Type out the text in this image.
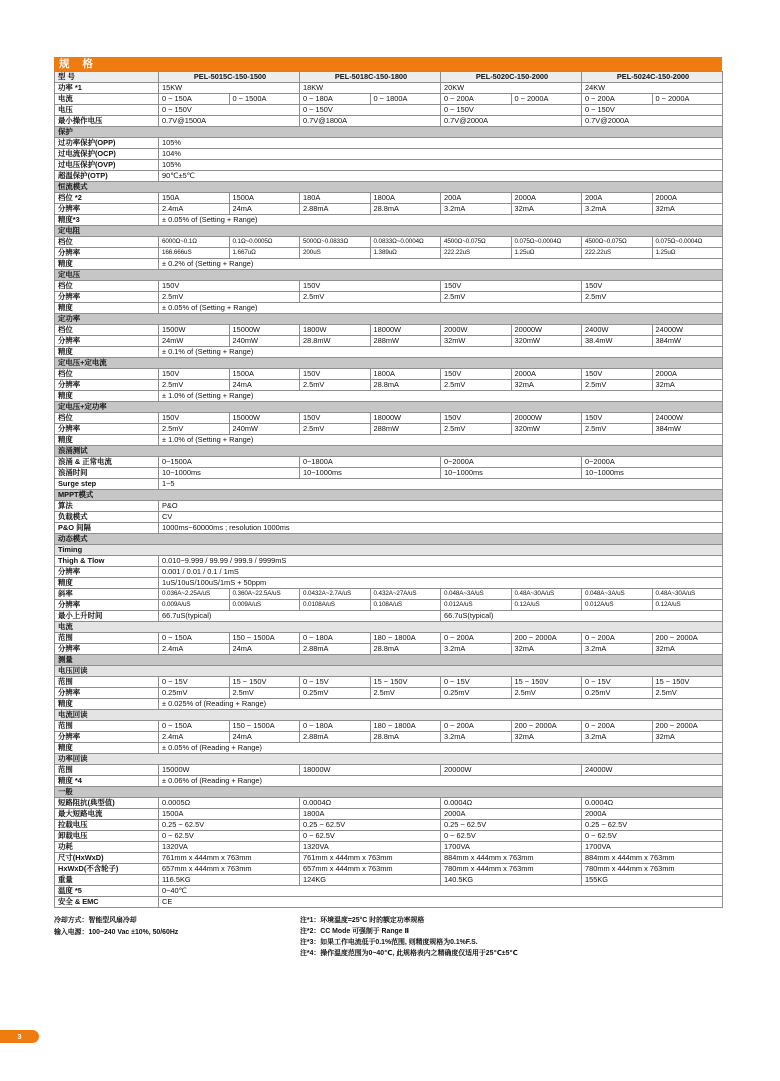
规 格
型 号	PEL-5015C-150-1500		PEL-5018C-150-1800		PEL-5020C-150-2000		PEL-5024C-150-2000	
功率 *1	15KW		18KW		20KW		24KW	
电流	0 ~ 150A	0 ~ 1500A	0 ~ 180A	0 ~ 1800A	0 ~ 200A	0 ~ 2000A	0 ~ 200A	0 ~ 2000A
电压	0 ~ 150V		0 ~ 150V		0 ~ 150V		0 ~ 150V	
最小操作电压	0.7V@1500A		0.7V@1800A		0.7V@2000A		0.7V@2000A	
保护								
过功率保护(OPP)	105%							
过电流保护(OCP)	104%							
过电压保护(OVP)	105%							
超温保护(OTP)	90℃±5℃							
恒流模式								
档位 *2	150A	1500A	180A	1800A	200A	2000A	200A	2000A
分辨率	2.4mA	24mA	2.88mA	28.8mA	3.2mA	32mA	3.2mA	32mA
精度*3	± 0.05% of (Setting + Range)							
定电阻								
档位	6000Ω~0.1Ω	0.1Ω~0.0005Ω	5000Ω~0.0833Ω	0.0833Ω~0.0004Ω	4500Ω~0.075Ω	0.075Ω~0.0004Ω	4500Ω~0.075Ω	0.075Ω~0.0004Ω
分辨率	166.666uS	1.667uΩ	200uS	1.389uΩ	222.22uS	1.25uΩ	222.22uS	1.25uΩ
精度	± 0.2% of (Setting + Range)							
定电压								
档位	150V		150V		150V		150V	
分辨率	2.5mV		2.5mV		2.5mV		2.5mV	
精度	± 0.05% of (Setting + Range)							
定功率								
档位	1500W	15000W	1800W	18000W	2000W	20000W	2400W	24000W
分辨率	24mW	240mW	28.8mW	288mW	32mW	320mW	38.4mW	384mW
精度	± 0.1% of (Setting + Range)							
定电压+定电流								
档位	150V	1500A	150V	1800A	150V	2000A	150V	2000A
分辨率	2.5mV	24mA	2.5mV	28.8mA	2.5mV	32mA	2.5mV	32mA
精度	± 1.0% of (Setting + Range)							
定电压+定功率								
档位	150V	15000W	150V	18000W	150V	20000W	150V	24000W
分辨率	2.5mV	240mW	2.5mV	288mW	2.5mV	320mW	2.5mV	384mW
精度	± 1.0% of (Setting + Range)							
浪涌测试								
浪涌 & 正常电流	0~1500A		0~1800A		0~2000A		0~2000A	
浪涌时间	10~1000ms		10~1000ms		10~1000ms		10~1000ms	
Surge step	1~5							
MPPT模式								
算法	P&O							
负载模式	CV							
P&O 间隔	1000ms~60000ms ; resolution 1000ms							
动态模式								
Timing								
Thigh & Tlow	0.010~9.999 / 99.99 / 999.9 / 9999mS							
分辨率	0.001 / 0.01 / 0.1 / 1mS							
精度	1uS/10uS/100uS/1mS + 50ppm							
斜率	0.036A~2.25A/uS	0.360A~22.5A/uS	0.0432A~2.7A/uS	0.432A~27A/uS	0.048A~3A/uS	0.48A~30A/uS	0.048A~3A/uS	0.48A~30A/uS
分辨率	0.009A/uS	0.009A/uS	0.0108A/uS	0.108A/uS	0.012A/uS	0.12A/uS	0.012A/uS	0.12A/uS
最小上升时间	66.7uS(typical)				66.7uS(typical)			
电流								
范围	0 ~ 150A	150 ~ 1500A	0 ~ 180A	180 ~ 1800A	0 ~ 200A	200 ~ 2000A	0 ~ 200A	200 ~ 2000A
分辨率	2.4mA	24mA	2.88mA	28.8mA	3.2mA	32mA	3.2mA	32mA
测量								
电压回读								
范围	0 ~ 15V	15 ~ 150V	0 ~ 15V	15 ~ 150V	0 ~ 15V	15 ~ 150V	0 ~ 15V	15 ~ 150V
分辨率	0.25mV	2.5mV	0.25mV	2.5mV	0.25mV	2.5mV	0.25mV	2.5mV
精度	± 0.025% of (Reading + Range)							
电流回读								
范围	0 ~ 150A	150 ~ 1500A	0 ~ 180A	180 ~ 1800A	0 ~ 200A	200 ~ 2000A	0 ~ 200A	200 ~ 2000A
分辨率	2.4mA	24mA	2.88mA	28.8mA	3.2mA	32mA	3.2mA	32mA
精度	± 0.05% of (Reading + Range)							
功率回读								
范围	15000W		18000W		20000W		24000W	
精度 *4	± 0.06% of (Reading + Range)							
一般								
短路阻抗(典型值)	0.0005Ω		0.0004Ω		0.0004Ω		0.0004Ω	
最大短路电流	1500A		1800A		2000A		2000A	
拉载电压	0.25 ~ 62.5V		0.25 ~ 62.5V		0.25 ~ 62.5V		0.25 ~ 62.5V	
卸载电压	0 ~ 62.5V		0 ~ 62.5V		0 ~ 62.5V		0 ~ 62.5V	
功耗	1320VA		1320VA		1700VA		1700VA	
尺寸(HxWxD)	761mm x 444mm x 763mm		761mm x 444mm x 763mm		884mm x 444mm x 763mm		884mm x 444mm x 763mm	
HxWxD(不含轮子)	657mm x 444mm x 763mm		657mm x 444mm x 763mm		780mm x 444mm x 763mm		780mm x 444mm x 763mm	
重量	116.5KG		124KG		140.5KG		155KG	
温度 *5	0~40℃							
安全 & EMC	CE							
冷却方式：智能型风扇冷却
输入电源：100~240 Vac ±10%, 50/60Hz
注*1：环境温度=25°C 时的额定功率规格
注*2：CC Mode 可强制于 Range Ⅱ
注*3：如果工作电流低于0.1%范围, 则精度规格为0.1%F.S.
注*4：操作温度范围为0~40℃, 此规格表内之精确度仅适用于25℃±5℃
3
